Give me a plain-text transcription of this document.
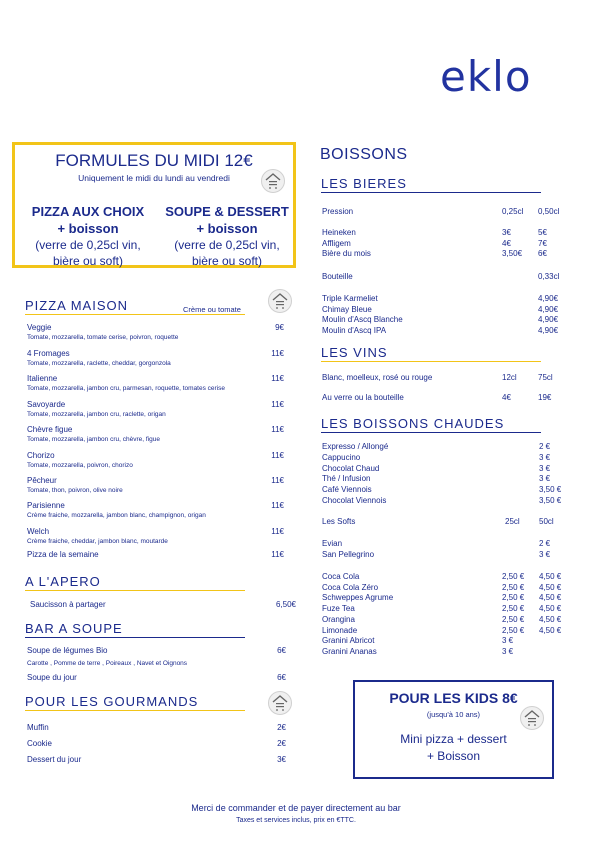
eklo
FORMULES DU MIDI 12€
Uniquement le midi du lundi au vendredi
PIZZA AUX CHOIX
+ boisson
(verre de 0,25cl vin,
bière ou soft)
SOUPE & DESSERT
+ boisson
(verre de 0,25cl vin,
bière ou soft)
PIZZA MAISON	Crème ou tomate
Veggie	9€
Tomate, mozzarella, tomate cerise, poivron, roquette
4 Fromages	11€
Tomate, mozzarella, raclette, cheddar, gorgonzola
Italienne	11€
Tomate, mozzarella, jambon cru, parmesan, roquette, tomates cerise
Savoyarde	11€
Tomate, mozzarella, jambon cru, raclette, origan
Chèvre figue	11€
Tomate, mozzarella, jambon cru, chèvre, figue
Chorizo	11€
Tomate, mozzarella, poivron, chorizo
Pêcheur	11€
Tomate, thon, poivron, olive noire
Parisienne	11€
Crème fraiche, mozzarella, jambon blanc, champignon, origan
Welch	11€
Crème fraiche, cheddar, jambon blanc, moutarde
Pizza de la semaine	11€
A L'APERO
Saucisson à partager	6,50€
BAR A SOUPE
Soupe de légumes Bio	6€
Carotte , Pomme de terre , Poireaux , Navet et Oignons
Soupe du jour	6€
POUR LES GOURMANDS
Muffin	2€
Cookie	2€
Dessert du jour	3€
BOISSONS
LES BIERES
Pression	0,25cl 0,50cl
Heineken	3€	5€
Affligem	4€	7€
Bière du mois	3,50€ 6€
Bouteille	0,33cl
Triple Karmeliet	4,90€
Chimay Bleue	4,90€
Moulin d'Ascq Blanche	4,90€
Moulin d'Ascq IPA	4,90€
LES VINS
Blanc, moelleux, rosé ou rouge	12cl	75cl
Au verre ou la bouteille	4€	19€
LES BOISSONS CHAUDES
Expresso / Allongé	2 €
Cappucino	3 €
Chocolat Chaud	3 €
Thé / Infusion	3 €
Café Viennois	3,50 €
Chocolat Viennois	3,50 €
Les Softs	25cl 50cl
Evian	2 €
San Pellegrino	3 €
Coca Cola	2,50 € 4,50 €
Coca Cola Zéro	2,50 € 4,50 €
Schweppes Agrume	2,50 € 4,50 €
Fuze Tea	2,50 € 4,50 €
Orangina	2,50 € 4,50 €
Limonade	2,50 € 4,50 €
Granini Abricot	3 €
Granini Ananas	3 €
POUR LES KIDS 8€
(jusqu'à 10 ans)
Mini pizza + dessert
+ Boisson
Merci de commander et de payer directement au bar
Taxes et services inclus, prix en €TTC.
